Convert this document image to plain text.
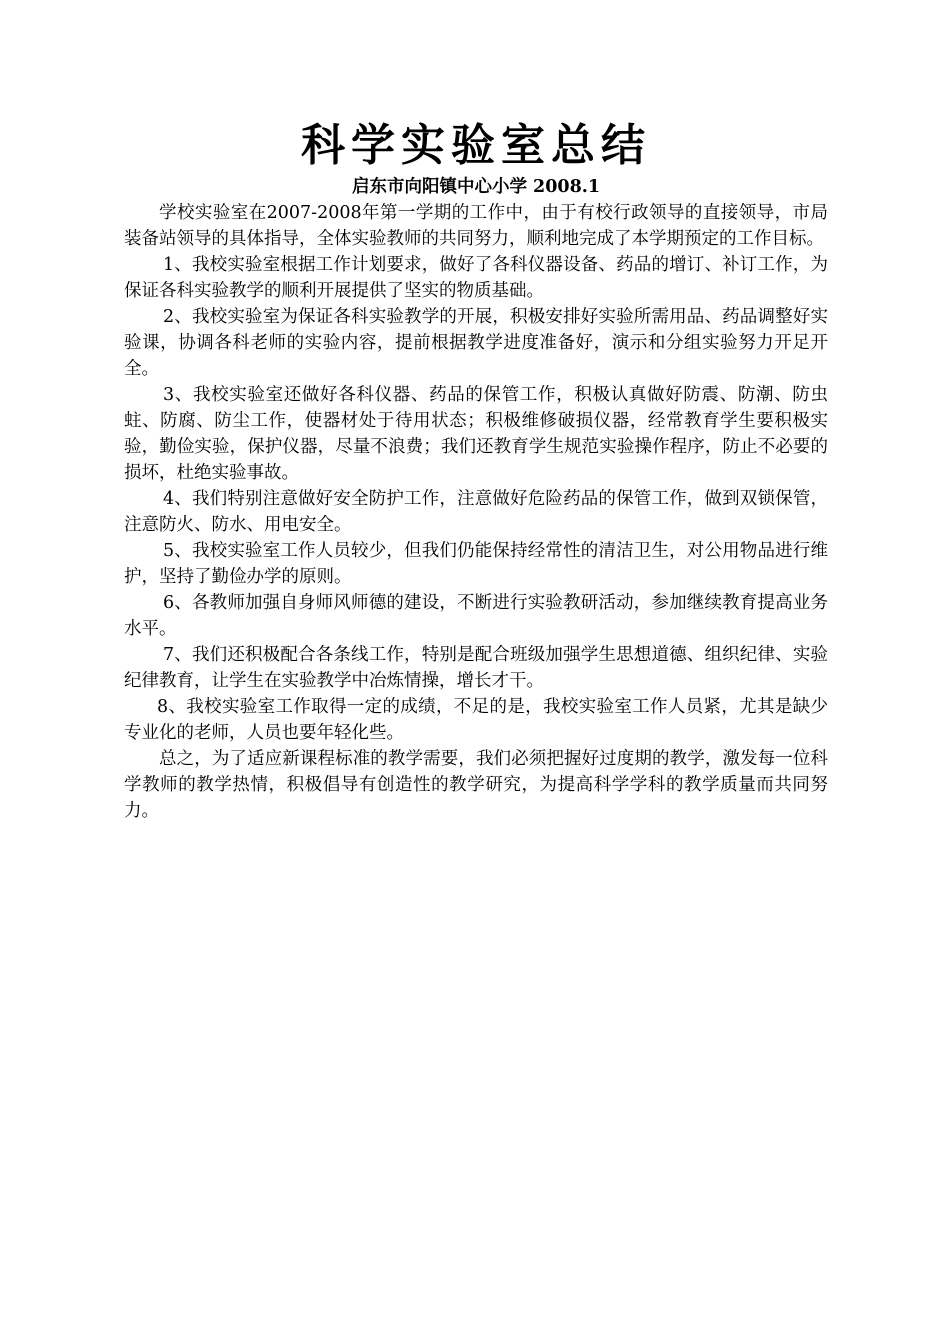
科学实验室总结
启东市向阳镇中心小学 2008.1

学校实验室在2007-2008年第一学期的工作中，由于有校行政领导的直接领导，市局装备站领导的具体指导，全体实验教师的共同努力，顺利地完成了本学期预定的工作目标。

1、我校实验室根据工作计划要求，做好了各科仪器设备、药品的增订、补订工作，为保证各科实验教学的顺利开展提供了坚实的物质基础。

2、我校实验室为保证各科实验教学的开展，积极安排好实验所需用品、药品调整好实验课，协调各科老师的实验内容，提前根据教学进度准备好，演示和分组实验努力开足开全。

3、我校实验室还做好各科仪器、药品的保管工作，积极认真做好防震、防潮、防虫蛀、防腐、防尘工作，使器材处于待用状态；积极维修破损仪器，经常教育学生要积极实验，勤俭实验，保护仪器，尽量不浪费；我们还教育学生规范实验操作程序，防止不必要的损坏，杜绝实验事故。

4、我们特别注意做好安全防护工作，注意做好危险药品的保管工作，做到双锁保管，注意防火、防水、用电安全。

5、我校实验室工作人员较少，但我们仍能保持经常性的清洁卫生，对公用物品进行维护，坚持了勤俭办学的原则。

6、各教师加强自身师风师德的建设，不断进行实验教研活动，参加继续教育提高业务水平。

7、我们还积极配合各条线工作，特别是配合班级加强学生思想道德、组织纪律、实验纪律教育，让学生在实验教学中冶炼情操，增长才干。

8、我校实验室工作取得一定的成绩，不足的是，我校实验室工作人员紧，尤其是缺少专业化的老师，人员也要年轻化些。

总之，为了适应新课程标准的教学需要，我们必须把握好过度期的教学，激发每一位科学教师的教学热情，积极倡导有创造性的教学研究，为提高科学学科的教学质量而共同努力。
